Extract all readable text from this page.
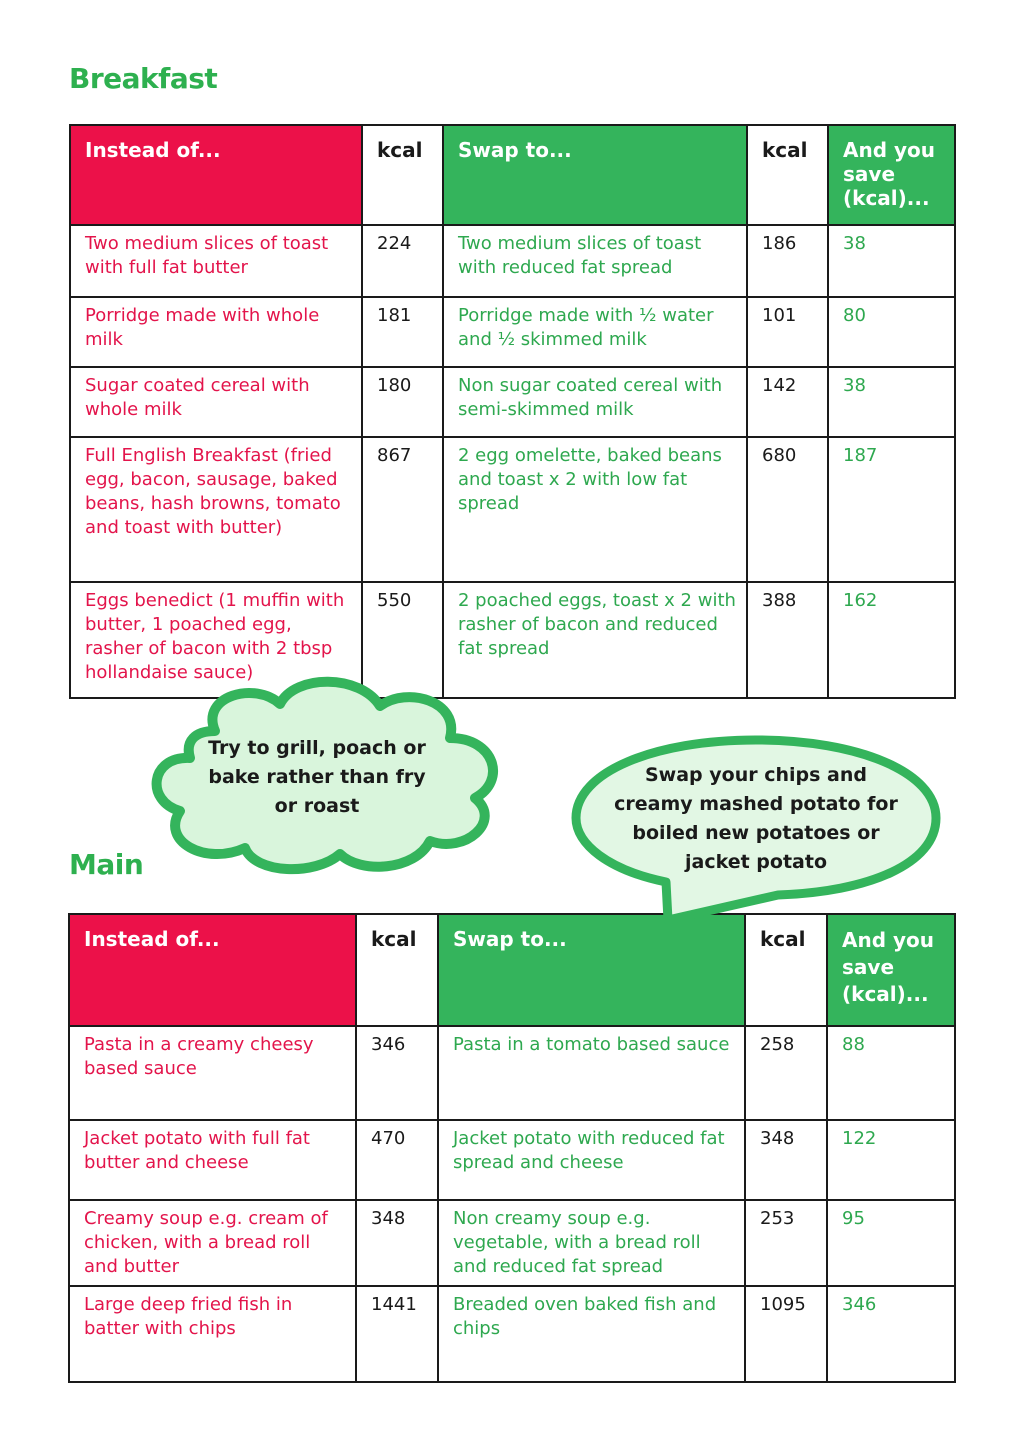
Breakfast
Instead of...	kcal	Swap to...	kcal	And you save (kcal)...
Two medium slices of toast with full fat butter	224	Two medium slices of toast with reduced fat spread	186	38
Porridge made with whole milk	181	Porridge made with ½ water and ½ skimmed milk	101	80
Sugar coated cereal with whole milk	180	Non sugar coated cereal with semi-skimmed milk	142	38
Full English Breakfast (fried egg, bacon, sausage, baked beans, hash browns, tomato and toast with butter)	867	2 egg omelette, baked beans and toast x 2 with low fat spread	680	187
Eggs benedict (1 muffin with butter, 1 poached egg, rasher of bacon with 2 tbsp hollandaise sauce)	550	2 poached eggs, toast x 2 with rasher of bacon and reduced fat spread	388	162

Try to grill, poach or bake rather than fry or roast

Main
Instead of...	kcal	Swap to...	kcal	And you save (kcal)...
Pasta in a creamy cheesy based sauce	346	Pasta in a tomato based sauce	258	88
Jacket potato with full fat butter and cheese	470	Jacket potato with reduced fat spread and cheese	348	122
Creamy soup e.g. cream of chicken, with a bread roll and butter	348	Non creamy soup e.g. vegetable, with a bread roll and reduced fat spread	253	95
Large deep fried fish in batter with chips	1441	Breaded oven baked fish and chips	1095	346

Swap your chips and creamy mashed potato for boiled new potatoes or jacket potato
